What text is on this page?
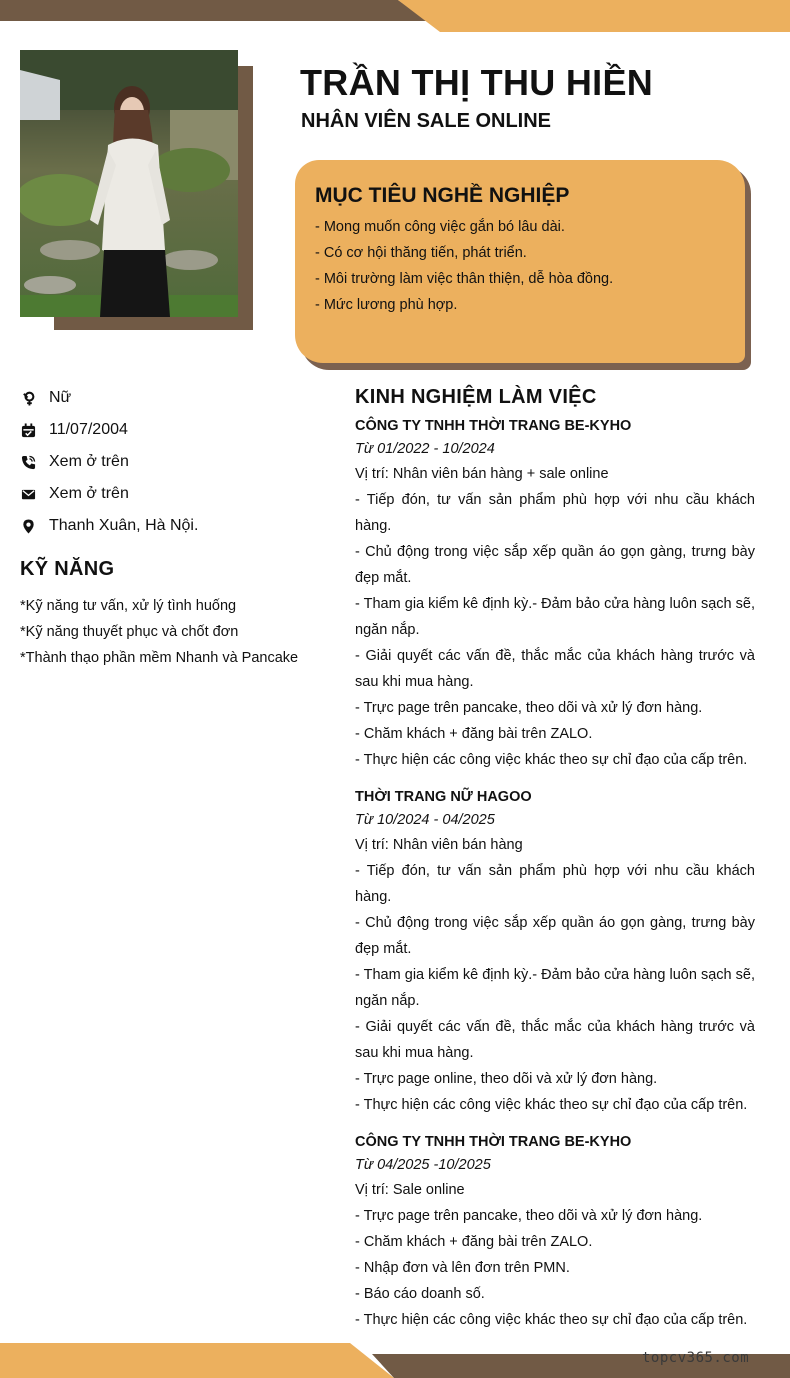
TRẦN THỊ THU HIỀN
NHÂN VIÊN SALE ONLINE
MỤC TIÊU NGHỀ NGHIỆP
- Mong muốn công việc gắn bó lâu dài.
- Có cơ hội thăng tiến, phát triển.
- Môi trường làm việc thân thiện, dễ hòa đồng.
- Mức lương phù hợp.
Nữ
11/07/2004
Xem ở trên
Xem ở trên
Thanh Xuân, Hà Nội.
KỸ NĂNG
*Kỹ năng tư vấn, xử lý tình huống
*Kỹ năng thuyết phục và chốt đơn
*Thành thạo phần mềm Nhanh và Pancake
KINH NGHIỆM LÀM VIỆC
CÔNG TY TNHH THỜI TRANG BE-KYHO
Từ 01/2022 - 10/2024
Vị trí: Nhân viên bán hàng + sale online
- Tiếp đón, tư vấn sản phẩm phù hợp với nhu cầu khách hàng.
- Chủ động trong việc sắp xếp quần áo gọn gàng, trưng bày đẹp mắt.
- Tham gia kiểm kê định kỳ.- Đảm bảo cửa hàng luôn sạch sẽ, ngăn nắp.
- Giải quyết các vấn đề, thắc mắc của khách hàng trước và sau khi mua hàng.
- Trực page trên pancake, theo dõi và xử lý đơn hàng.
- Chăm khách + đăng bài trên ZALO.
- Thực hiện các công việc khác theo sự chỉ đạo của cấp trên.
THỜI TRANG NỮ HAGOO
Từ 10/2024 - 04/2025
Vị trí: Nhân viên bán hàng
- Tiếp đón, tư vấn sản phẩm phù hợp với nhu cầu khách hàng.
- Chủ động trong việc sắp xếp quần áo gọn gàng, trưng bày đẹp mắt.
- Tham gia kiểm kê định kỳ.- Đảm bảo cửa hàng luôn sạch sẽ, ngăn nắp.
- Giải quyết các vấn đề, thắc mắc của khách hàng trước và sau khi mua hàng.
- Trực page online, theo dõi và xử lý đơn hàng.
- Thực hiện các công việc khác theo sự chỉ đạo của cấp trên.
CÔNG TY TNHH THỜI TRANG BE-KYHO
Từ 04/2025 -10/2025
Vị trí: Sale online
- Trực page trên pancake, theo dõi và xử lý đơn hàng.
- Chăm khách + đăng bài trên ZALO.
- Nhập đơn và lên đơn trên PMN.
- Báo cáo doanh số.
- Thực hiện các công việc khác theo sự chỉ đạo của cấp trên.
topcv365.com
